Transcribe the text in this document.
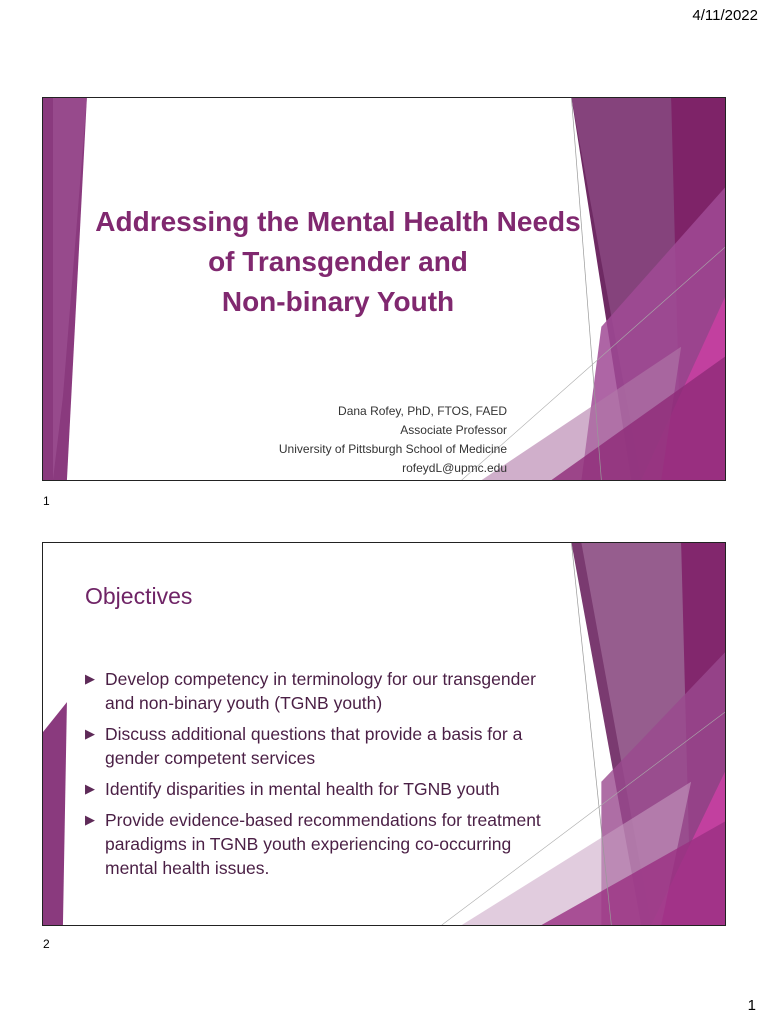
4/11/2022
Addressing the Mental Health Needs
of Transgender and
Non-binary Youth
Dana Rofey, PhD, FTOS, FAED
Associate Professor
University of Pittsburgh School of Medicine
rofeydL@upmc.edu
1
Objectives
▶ Develop competency in terminology for our transgender and non-binary youth (TGNB youth)
▶ Discuss additional questions that provide a basis for a gender competent services
▶ Identify disparities in mental health for TGNB youth
▶ Provide evidence-based recommendations for treatment paradigms in TGNB youth experiencing co-occurring mental health issues.
2
1
